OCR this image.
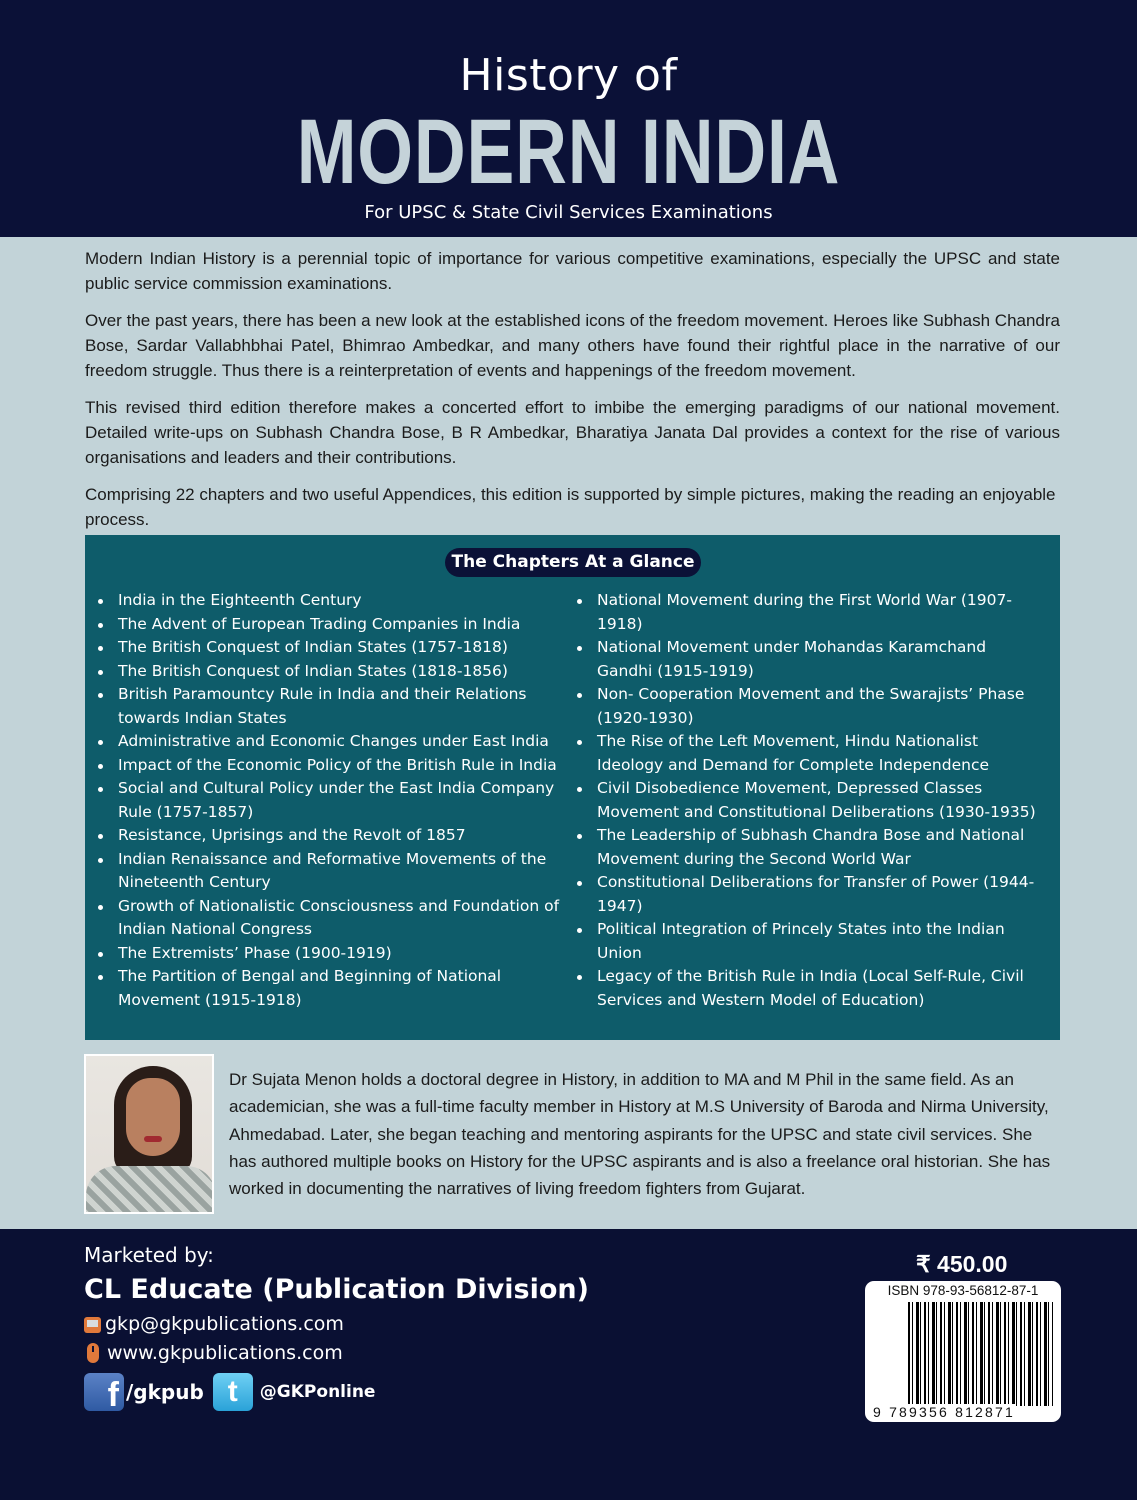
History of
MODERN INDIA
For UPSC & State Civil Services Examinations

Modern Indian History is a perennial topic of importance for various competitive examinations, especially the UPSC and state public service commission examinations.

Over the past years, there has been a new look at the established icons of the freedom movement. Heroes like Subhash Chandra Bose, Sardar Vallabhbhai Patel, Bhimrao Ambedkar, and many others have found their rightful place in the narrative of our freedom struggle. Thus there is a reinterpretation of events and happenings of the freedom movement.

This revised third edition therefore makes a concerted effort to imbibe the emerging paradigms of our national movement. Detailed write-ups on Subhash Chandra Bose, B R Ambedkar, Bharatiya Janata Dal provides a context for the rise of various organisations and leaders and their contributions.

Comprising 22 chapters and two useful Appendices, this edition is supported by simple pictures, making the reading an enjoyable process.

The Chapters At a Glance
India in the Eighteenth Century
The Advent of European Trading Companies in India
The British Conquest of Indian States (1757-1818)
The British Conquest of Indian States (1818-1856)
British Paramountcy Rule in India and their Relations towards Indian States
Administrative and Economic Changes under East India
Impact of the Economic Policy of the British Rule in India
Social and Cultural Policy under the East India Company Rule (1757-1857)
Resistance, Uprisings and the Revolt of 1857
Indian Renaissance and Reformative Movements of the Nineteenth Century
Growth of Nationalistic Consciousness and Foundation of Indian National Congress
The Extremists’ Phase (1900-1919)
The Partition of Bengal and Beginning of National Movement (1915-1918)
National Movement during the First World War (1907-1918)
National Movement under Mohandas Karamchand Gandhi (1915-1919)
Non- Cooperation Movement and the Swarajists’ Phase (1920-1930)
The Rise of the Left Movement, Hindu Nationalist Ideology and Demand for Complete Independence
Civil Disobedience Movement, Depressed Classes Movement and Constitutional Deliberations (1930-1935)
The Leadership of Subhash Chandra Bose and National Movement during the Second World War
Constitutional Deliberations for Transfer of Power (1944-1947)
Political Integration of Princely States into the Indian Union
Legacy of the British Rule in India (Local Self-Rule, Civil Services and Western Model of Education)
Dr Sujata Menon holds a doctoral degree in History, in addition to MA and M Phil in the same field. As an academician, she was a full-time faculty member in History at M.S University of Baroda and Nirma University, Ahmedabad. Later, she began teaching and mentoring aspirants for the UPSC and state civil services. She has authored multiple books on History for the UPSC aspirants and is also a freelance oral historian. She has worked in documenting the narratives of living freedom fighters from Gujarat.
Marketed by:
CL Educate (Publication Division)
gkp@gkpublications.com
www.gkpublications.com
f /gkpub t	@GKPonline
₹ 450.00
ISBN 978-93-56812-87-1
9 789356 812871
